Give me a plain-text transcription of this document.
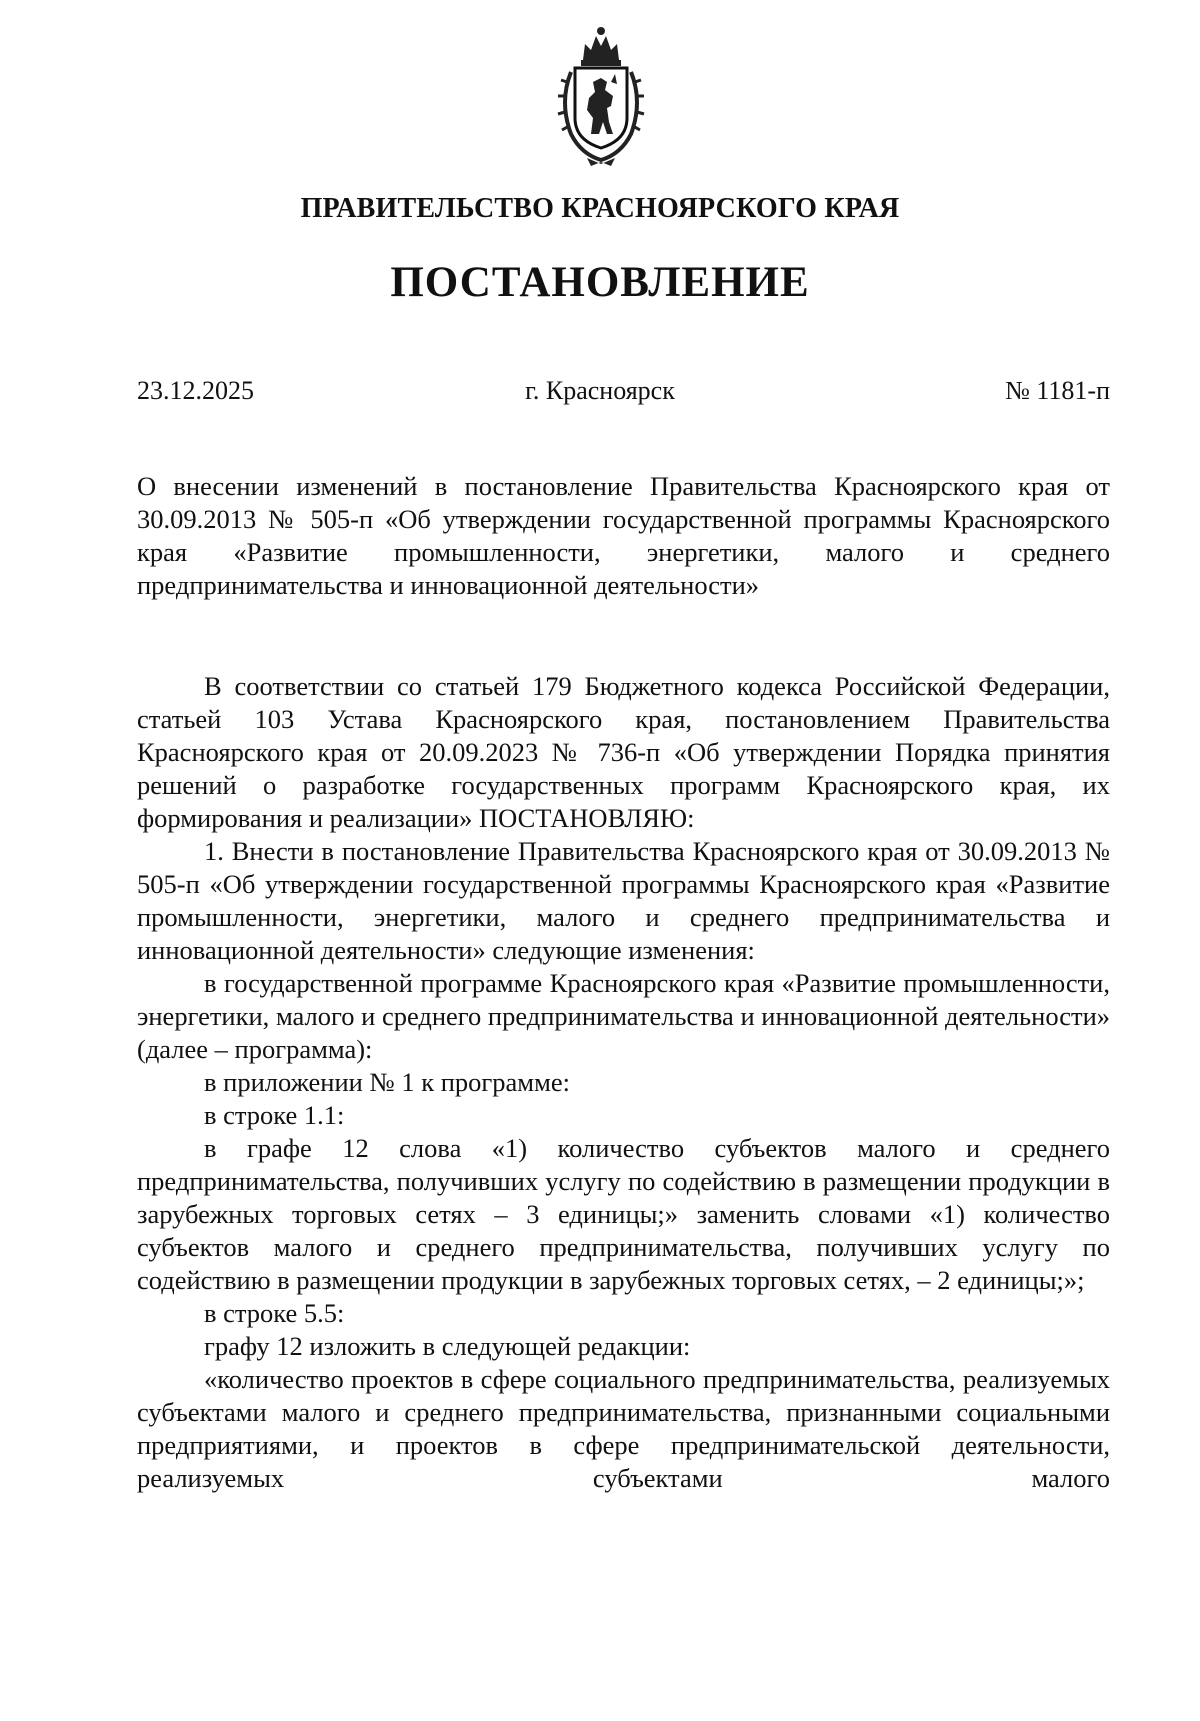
ПРАВИТЕЛЬСТВО КРАСНОЯРСКОГО КРАЯ
ПОСТАНОВЛЕНИЕ
г. Красноярск
23.12.2025	№ 1181-п

О внесении изменений в постановление Правительства Красноярского края от 30.09.2013 № 505-п «Об утверждении государственной программы Красноярского края «Развитие промышленности, энергетики, малого и среднего предпринимательства и инновационной деятельности»

В соответствии со статьей 179 Бюджетного кодекса Российской Федерации, статьей 103 Устава Красноярского края, постановлением Правительства Красноярского края от 20.09.2023 № 736-п «Об утверждении Порядка принятия решений о разработке государственных программ Красноярского края, их формирования и реализации» ПОСТАНОВЛЯЮ:

1. Внести в постановление Правительства Красноярского края от 30.09.2013 № 505-п «Об утверждении государственной программы Красноярского края «Развитие промышленности, энергетики, малого и среднего предпринимательства и инновационной деятельности» следующие изменения:

в государственной программе Красноярского края «Развитие промышленности, энергетики, малого и среднего предпринимательства и инновационной деятельности» (далее – программа):

в приложении № 1 к программе:

в строке 1.1:

в графе 12 слова «1) количество субъектов малого и среднего предпринимательства, получивших услугу по содействию в размещении продукции в зарубежных торговых сетях – 3 единицы;» заменить словами «1) количество субъектов малого и среднего предпринимательства, получивших услугу по содействию в размещении продукции в зарубежных торговых сетях, – 2 единицы;»;

в строке 5.5:

графу 12 изложить в следующей редакции:

«количество проектов в сфере социального предпринимательства, реализуемых субъектами малого и среднего предпринимательства, признанными социальными предприятиями, и проектов в сфере предпринимательской деятельности, реализуемых субъектами малого
